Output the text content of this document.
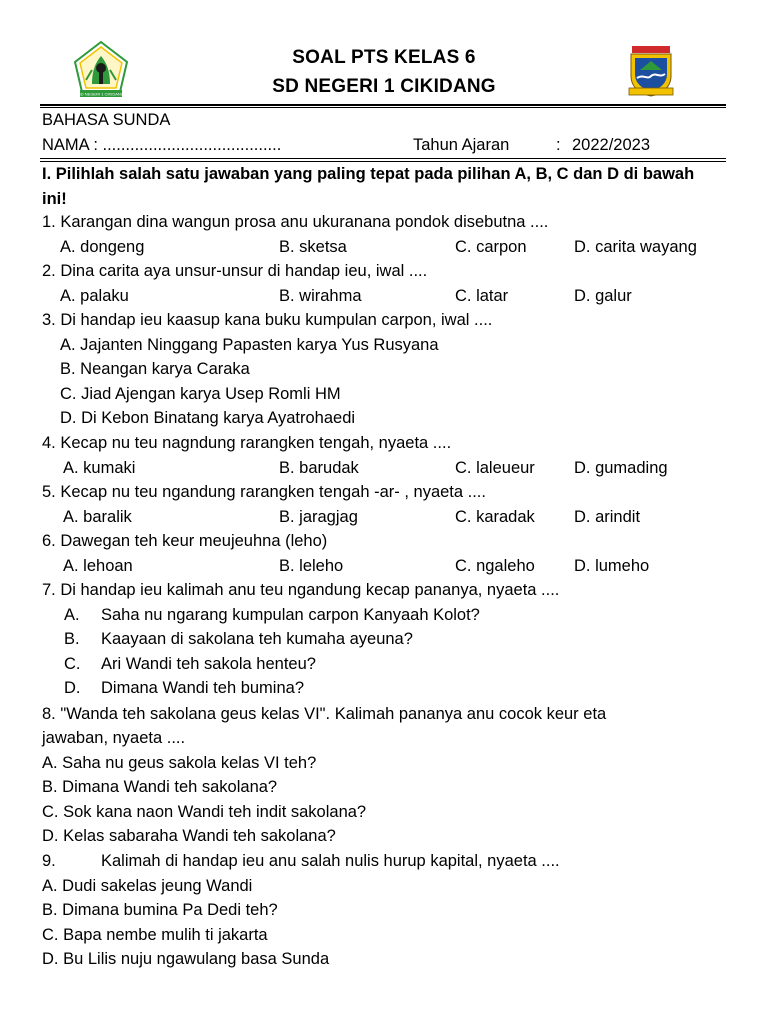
SD NEGERI 1 CIKIDANG
SOAL PTS KELAS 6
SD NEGERI 1 CIKIDANG
BAHASA SUNDA
NAMA : .......................................	Tahun Ajaran	: 2022/2023
I. Pilihlah salah satu jawaban yang paling tepat pada pilihan A, B, C dan D di bawah
ini!
1. Karangan dina wangun prosa anu ukuranana pondok disebutna ....
A. dongeng	B. sketsa	C. carpon	D. carita wayang
2. Dina carita aya unsur-unsur di handap ieu, iwal ....
A. palaku	B. wirahma	C. latar	D. galur
3. Di handap ieu kaasup kana buku kumpulan carpon, iwal ....
A. Jajanten Ninggang Papasten karya Yus Rusyana
B. Neangan karya Caraka
C. Jiad Ajengan karya Usep Romli HM
D. Di Kebon Binatang karya Ayatrohaedi
4. Kecap nu teu nagndung rarangken tengah, nyaeta ....
A. kumaki	B. barudak	C. laleueur D. gumading
5. Kecap nu teu ngandung rarangken tengah -ar- , nyaeta ....
A. baralik	B. jaragjag	C. karadak D. arindit
6. Dawegan teh keur meujeuhna (leho)
A. lehoan	B. leleho	C. ngaleho D. lumeho
7. Di handap ieu kalimah anu teu ngandung kecap pananya, nyaeta ....
A. Saha nu ngarang kumpulan carpon Kanyaah Kolot?
B. Kaayaan di sakolana teh kumaha ayeuna?
C. Ari Wandi teh sakola henteu?
D. Dimana Wandi teh bumina?
8. "Wanda teh sakolana geus kelas VI". Kalimah pananya anu cocok keur eta
jawaban, nyaeta ....
A. Saha nu geus sakola kelas VI teh?
B. Dimana Wandi teh sakolana?
C. Sok kana naon Wandi teh indit sakolana?
D. Kelas sabaraha Wandi teh sakolana?
9.	Kalimah di handap ieu anu salah nulis hurup kapital, nyaeta ....
A. Dudi sakelas jeung Wandi
B. Dimana bumina Pa Dedi teh?
C. Bapa nembe mulih ti jakarta
D. Bu Lilis nuju ngawulang basa Sunda
